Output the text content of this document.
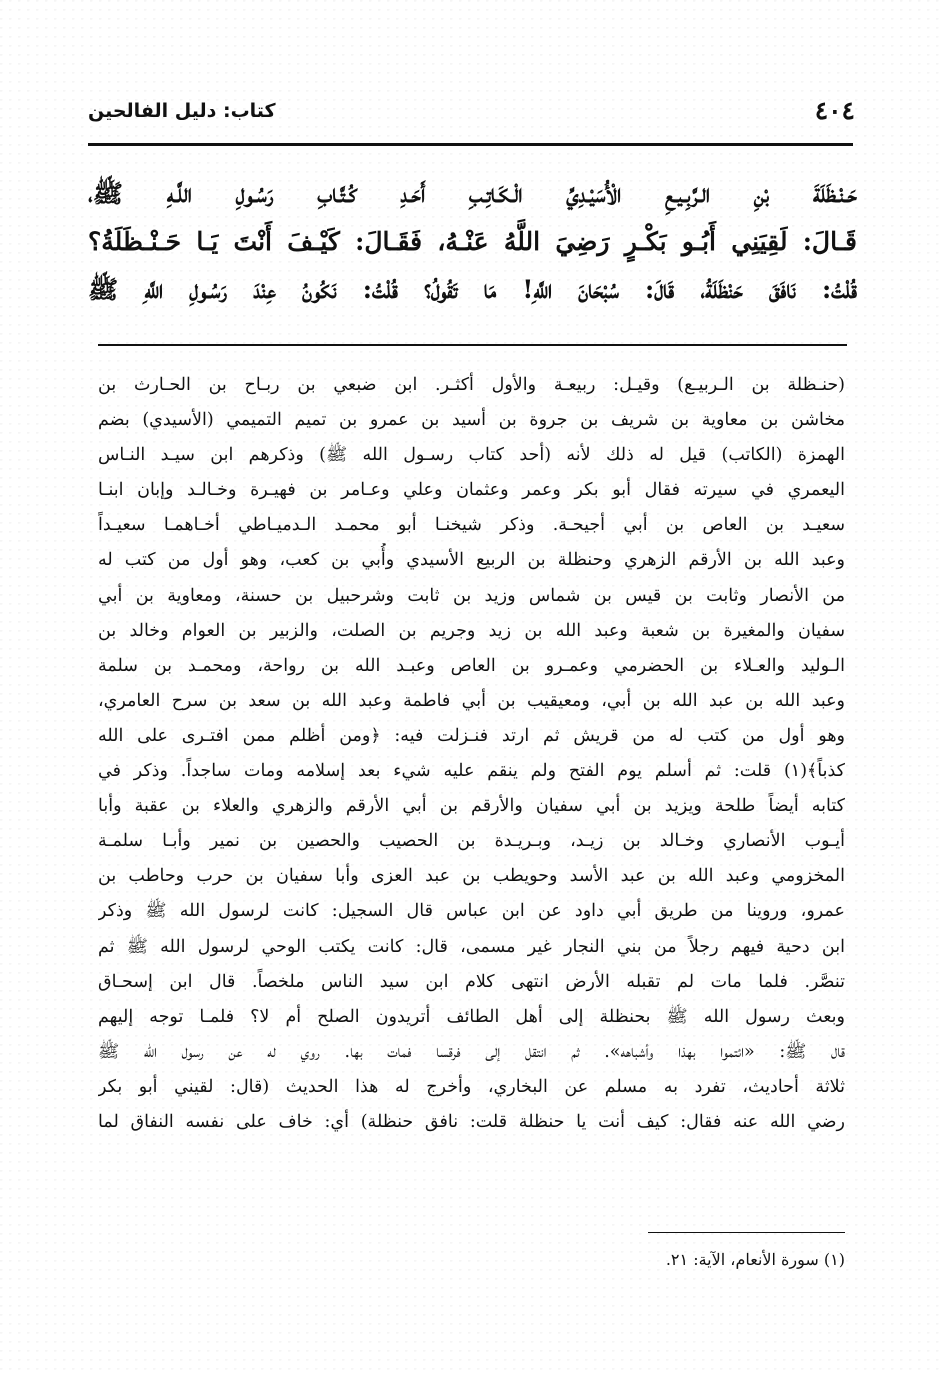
٤٠٤
كتاب: دليل الفالحين
حَـنْـظَلَةَ بْنِ الـرَّبِـيـعِ الْأُسَيْـدِيِّ الْـكَـاتِـبِ أَحَـدِ كُـتَّـابِ رَسُـولِ اللَّـهِ ﷺ،
قَـالَ: لَقِيَنِي أَبُـو بَكْـرٍ رَضِيَ اللَّهُ عَنْـهُ، فَقَـالَ: كَيْـفَ أَنْتَ يَـا حَـنْـظَلَةُ؟
قُلْتُ: نَافَقَ حَنْظَلَةُ، قَالَ: سُبْحَانَ اللَّهِ! مَا تَقُولُ؟ قُلْتُ: نَكُونُ عِنْدَ رَسُـولِ اللَّهِ ﷺ
(حنـظلة بن الـربيـع) وقيـل: ربيعـة والأول أكثـر. ابن ضبعي بن ربـاح بن الحـارث بن
مخاشن بن معاوية بن شريف بن جروة بن أسيد بن عمرو بن تميم التميمي (الأسيدي) بضم
الهمزة (الكاتب) قيل له ذلك لأنه (أحد كتاب رسـول الله ﷺ) وذكرهم ابن سيـد النـاس
اليعمري في سيرته فقال أبو بكر وعمر وعثمان وعلي وعـامر بن فهيـرة وخـالـد وإبان ابنـا
سعيـد بن العاص بن أبي أجيحـة. وذكر شيخنـا أبو محمـد الـدميـاطي أخـاهمـا سعيـداً
وعبد الله بن الأرقم الزهري وحنظلة بن الربيع الأسيدي وأُبي بن كعب، وهو أول من كتب له
من الأنصار وثابت بن قيس بن شماس وزيد بن ثابت وشرحبيل بن حسنة، ومعاوية بن أبي
سفيان والمغيرة بن شعبة وعبد الله بن زيد وجريم بن الصلت، والزبير بن العوام وخالد بن
الـوليد والعـلاء بن الحضرمي وعمـرو بن العاص وعبـد الله بن رواحة، ومحمـد بن سلمة
وعبد الله بن عبد الله بن أبي، ومعيقيب بن أبي فاطمة وعبد الله بن سعد بن سرح العامري،
وهو أول من كتب له من قريش ثم ارتد فنـزلت فيه: ﴿ومن أظلم ممن افتـرى على الله
كذباً﴾(١) قلت: ثم أسلم يوم الفتح ولم ينقم عليه شيء بعد إسلامه ومات ساجداً. وذكر في
كتابه أيضاً طلحة ويزيد بن أبي سفيان والأرقم بن أبي الأرقم والزهري والعلاء بن عقبة وأبا
أيـوب الأنصاري وخـالد بن زيـد، وبـريـدة بن الحصيب والحصين بن نمير وأبـا سلمـة
المخزومي وعبد الله بن عبد الأسد وحويطب بن عبد العزى وأبا سفيان بن حرب وحاطب بن
عمرو، وروينا من طريق أبي داود عن ابن عباس قال السجيل: كانت لرسول الله ﷺ وذكر
ابن دحية فيهم رجلاً من بني النجار غير مسمى، قال: كانت يكتب الوحي لرسول الله ﷺ ثم
تنصَّر. فلما مات لم تقبله الأرض انتهى كلام ابن سيد الناس ملخصاً. قال ابن إسحـاق
وبعث رسول الله ﷺ بحنظلة إلى أهل الطائف أتريدون الصلح أم لا؟ فلمـا توجه إليهم
قال ﷺ: «ائتموا بهذا وأشباهه». ثم انتقل إلى فرقسا فمات بها. روي له عن رسول الله ﷺ
ثلاثة أحاديث، تفرد به مسلم عن البخاري، وأخرج له هذا الحديث (قال: لقيني أبو بكر
رضي الله عنه فقال: كيف أنت يا حنظلة قلت: نافق حنظلة) أي: خاف على نفسه النفاق لما
(١) سورة الأنعام، الآية: ٢١.
